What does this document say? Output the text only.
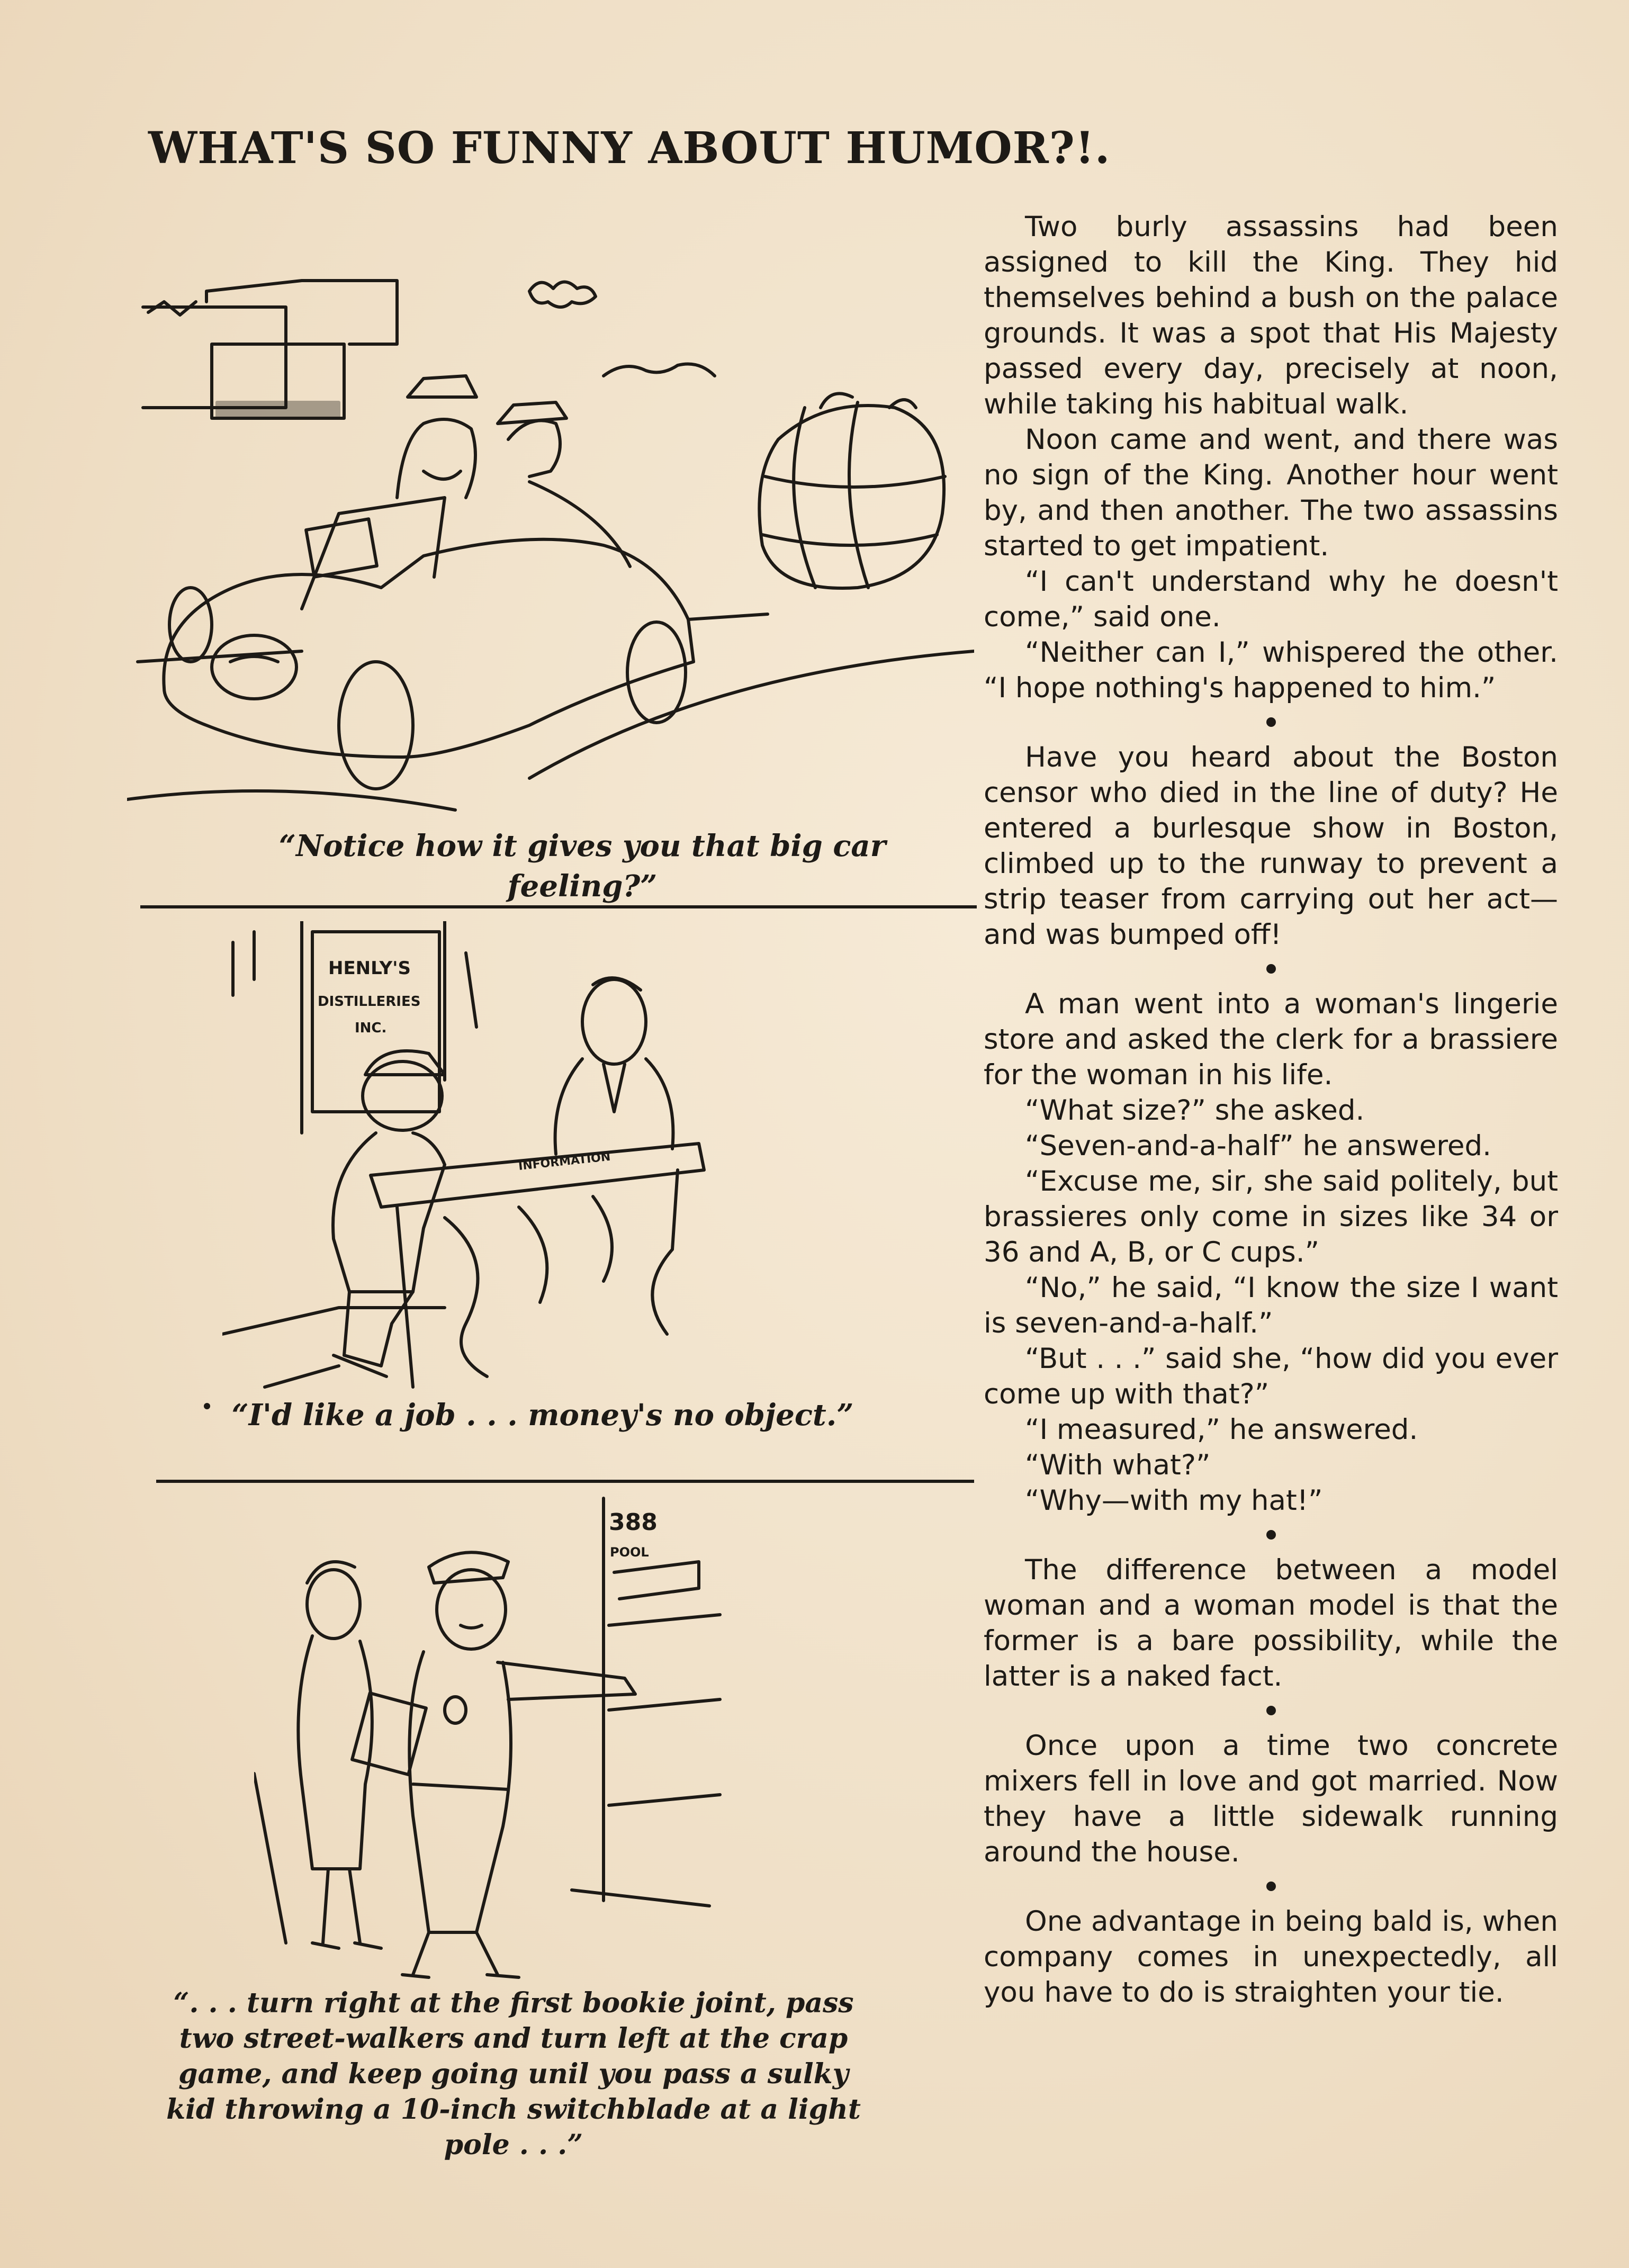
WHAT'S SO FUNNY ABOUT HUMOR?!.
“Notice how it gives you that big car feeling?”
HENLY'S
DISTILLERIES
INC.
INFORMATION
“I'd like a job . . . money's no object.”
388
POOL
“. . . turn right at the first bookie joint, pass two street-walkers and turn left at the crap game, and keep going unil you pass a sulky kid throwing a 10-inch switchblade at a light pole . . .”

Two burly assassins had been assigned to kill the King. They hid themselves behind a bush on the palace grounds. It was a spot that His Majesty passed every day, precisely at noon, while taking his habitual walk.

Noon came and went, and there was no sign of the King. Another hour went by, and then another. The two assassins started to get impatient.

“I can't understand why he doesn't come,” said one.

“Neither can I,” whispered the other. “I hope nothing's happened to him.”

Have you heard about the Boston censor who died in the line of duty? He entered a burlesque show in Boston, climbed up to the runway to prevent a strip teaser from carrying out her act—and was bumped off!

A man went into a woman's lingerie store and asked the clerk for a brassiere for the woman in his life.

“What size?” she asked.

“Seven-and-a-half” he answered.

“Excuse me, sir, she said politely, but brassieres only come in sizes like 34 or 36 and A, B, or C cups.”

“No,” he said, “I know the size I want is seven-and-a-half.”

“But . . .” said she, “how did you ever come up with that?”

“I measured,” he answered.

“With what?”

“Why—with my hat!”

The difference between a model woman and a woman model is that the former is a bare possibility, while the latter is a naked fact.

Once upon a time two concrete mixers fell in love and got married. Now they have a little sidewalk running around the house.

One advantage in being bald is, when company comes in unexpectedly, all you have to do is straighten your tie.
